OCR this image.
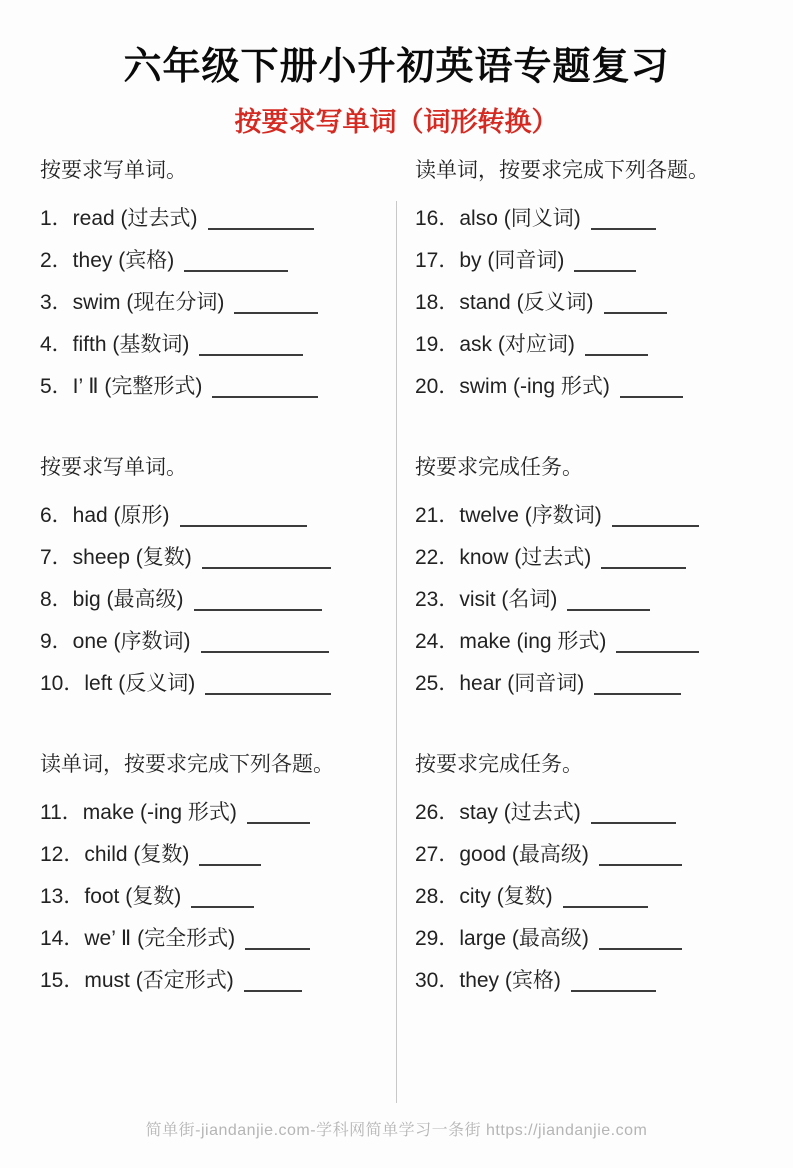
六年级下册小升初英语专题复习
按要求写单词（词形转换）
按要求写单词。
1．read (过去式)
2．they (宾格)
3．swim (现在分词)
4．fifth (基数词)
5．I’ Ⅱ (完整形式)
按要求写单词。
6．had (原形)
7．sheep (复数)
8．big (最高级)
9．one (序数词)
10．left (反义词)
读单词，按要求完成下列各题。
11．make (-ing 形式)
12．child (复数)
13．foot (复数)
14．we’ Ⅱ (完全形式)
15．must (否定形式)
读单词，按要求完成下列各题。
16．also (同义词)
17．by (同音词)
18．stand (反义词)
19．ask (对应词)
20．swim (-ing 形式)
按要求完成任务。
21．twelve (序数词)
22．know (过去式)
23．visit (名词)
24．make (ing 形式)
25．hear (同音词)
按要求完成任务。
26．stay (过去式)
27．good (最高级)
28．city (复数)
29．large (最高级)
30．they (宾格)
简单街-jiandanjie.com-学科网简单学习一条街 https://jiandanjie.com
